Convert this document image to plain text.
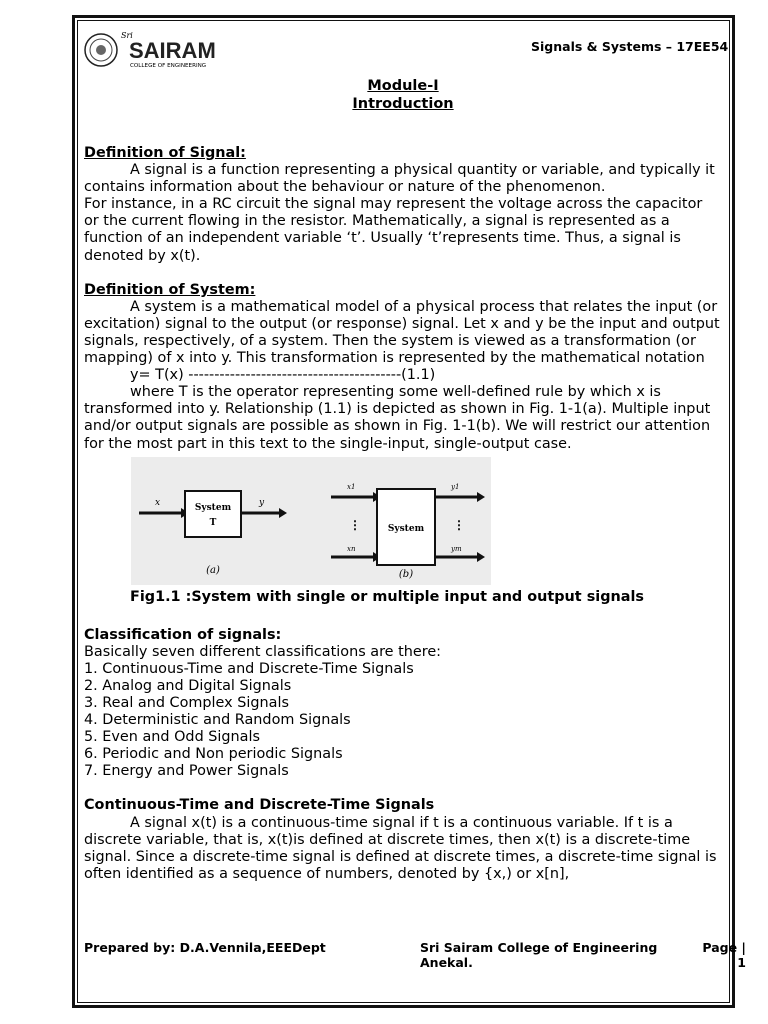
Sri
SAIRAM
COLLEGE OF ENGINEERING
Signals & Systems – 17EE54
Module-I
Introduction

Definition of Signal:

A signal is a function representing a physical quantity or variable, and typically it contains information about the behaviour or nature of the phenomenon.

For instance, in a RC circuit the signal may represent the voltage across the capacitor or the current flowing in the resistor. Mathematically, a signal is represented as a function of an independent variable ‘t’. Usually ‘t’represents time. Thus, a signal is denoted by x(t).

Definition of System:

A system is a mathematical model of a physical process that relates the input (or excitation) signal to the output (or response) signal. Let x and y be the input and output signals, respectively, of a system. Then the system is viewed as a transformation (or mapping) of x into y. This transformation is represented by the mathematical notation

y= T(x) -----------------------------------------(1.1)

where T is the operator representing some well-defined rule by which x is transformed into y. Relationship (1.1) is depicted as shown in Fig. 1-1(a). Multiple input and/or output signals are possible as shown in Fig. 1-1(b). We will restrict our attention for the most part in this text to the single-input, single-output case.

x	System
T
y
(a)
x1
xn
⋮	System
y1
ym
⋮
(b)
Fig1.1 :System with single or multiple input and output signals

Classification of signals:

Basically seven different classifications are there:

1. Continuous-Time and Discrete-Time Signals

2. Analog and Digital Signals

3. Real and Complex Signals

4. Deterministic and Random Signals

5. Even and Odd Signals

6. Periodic and Non periodic Signals

7. Energy and Power Signals

Continuous-Time and Discrete-Time Signals

A signal x(t) is a continuous-time signal if t is a continuous variable. If t is a discrete variable, that is, x(t)is defined at discrete times, then x(t) is a discrete-time signal. Since a discrete-time signal is defined at discrete times, a discrete-time signal is often identified as a sequence of numbers, denoted by {x,) or x[n],

Prepared by: D.A.Vennila,EEEDept	Sri Sairam College of Engineering
Anekal.
Page |
1
